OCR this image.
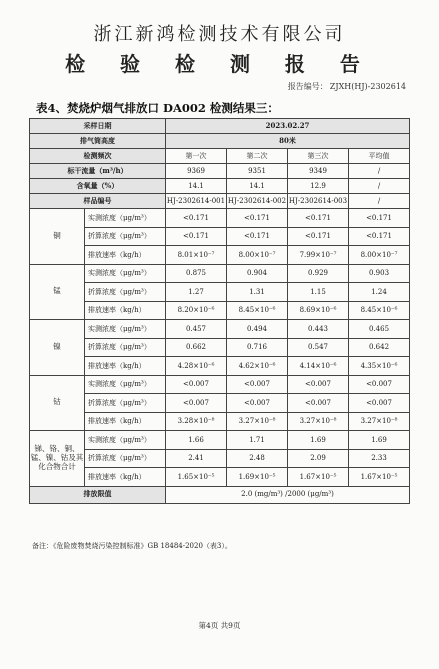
浙江新鸿检测技术有限公司
检 验 检 测 报 告
报告编号： ZJXH(HJ)-2302614
表4、焚烧炉烟气排放口 DA002 检测结果三：
采样日期		2023.02.27			
排气筒高度		80米			
检测频次		第一次	第二次	第三次	平均值
标干流量（m³/h）		9369	9351	9349	/
含氧量（%）		14.1	14.1	12.9	/
样品编号		HJ-2302614-001	HJ-2302614-002	HJ-2302614-003	/
铜	实测浓度（μg/m³）	<0.171	<0.171	<0.171	<0.171
	折算浓度（μg/m³）	<0.171	<0.171	<0.171	<0.171
	排放速率（kg/h）	8.01×10⁻⁷	8.00×10⁻⁷	7.99×10⁻⁷	8.00×10⁻⁷
锰	实测浓度（μg/m³）	0.875	0.904	0.929	0.903
	折算浓度（μg/m³）	1.27	1.31	1.15	1.24
	排放速率（kg/h）	8.20×10⁻⁶	8.45×10⁻⁶	8.69×10⁻⁶	8.45×10⁻⁶
镍	实测浓度（μg/m³）	0.457	0.494	0.443	0.465
	折算浓度（μg/m³）	0.662	0.716	0.547	0.642
	排放速率（kg/h）	4.28×10⁻⁶	4.62×10⁻⁶	4.14×10⁻⁶	4.35×10⁻⁶
钴	实测浓度（μg/m³）	<0.007	<0.007	<0.007	<0.007
	折算浓度（μg/m³）	<0.007	<0.007	<0.007	<0.007
	排放速率（kg/h）	3.28×10⁻⁸	3.27×10⁻⁸	3.27×10⁻⁸	3.27×10⁻⁸
锑、铬、铜、锰、镍、钴及其化合物合计	实测浓度（μg/m³）	1.66	1.71	1.69	1.69
	折算浓度（μg/m³）	2.41	2.48	2.09	2.33
	排放速率（kg/h）	1.65×10⁻⁵	1.69×10⁻⁵	1.67×10⁻⁵	1.67×10⁻⁵
排放限值		2.0 (mg/m³) /2000 (μg/m³)			
备注：《危险废物焚烧污染控制标准》GB 18484-2020（表3）。
第4页 共9页
